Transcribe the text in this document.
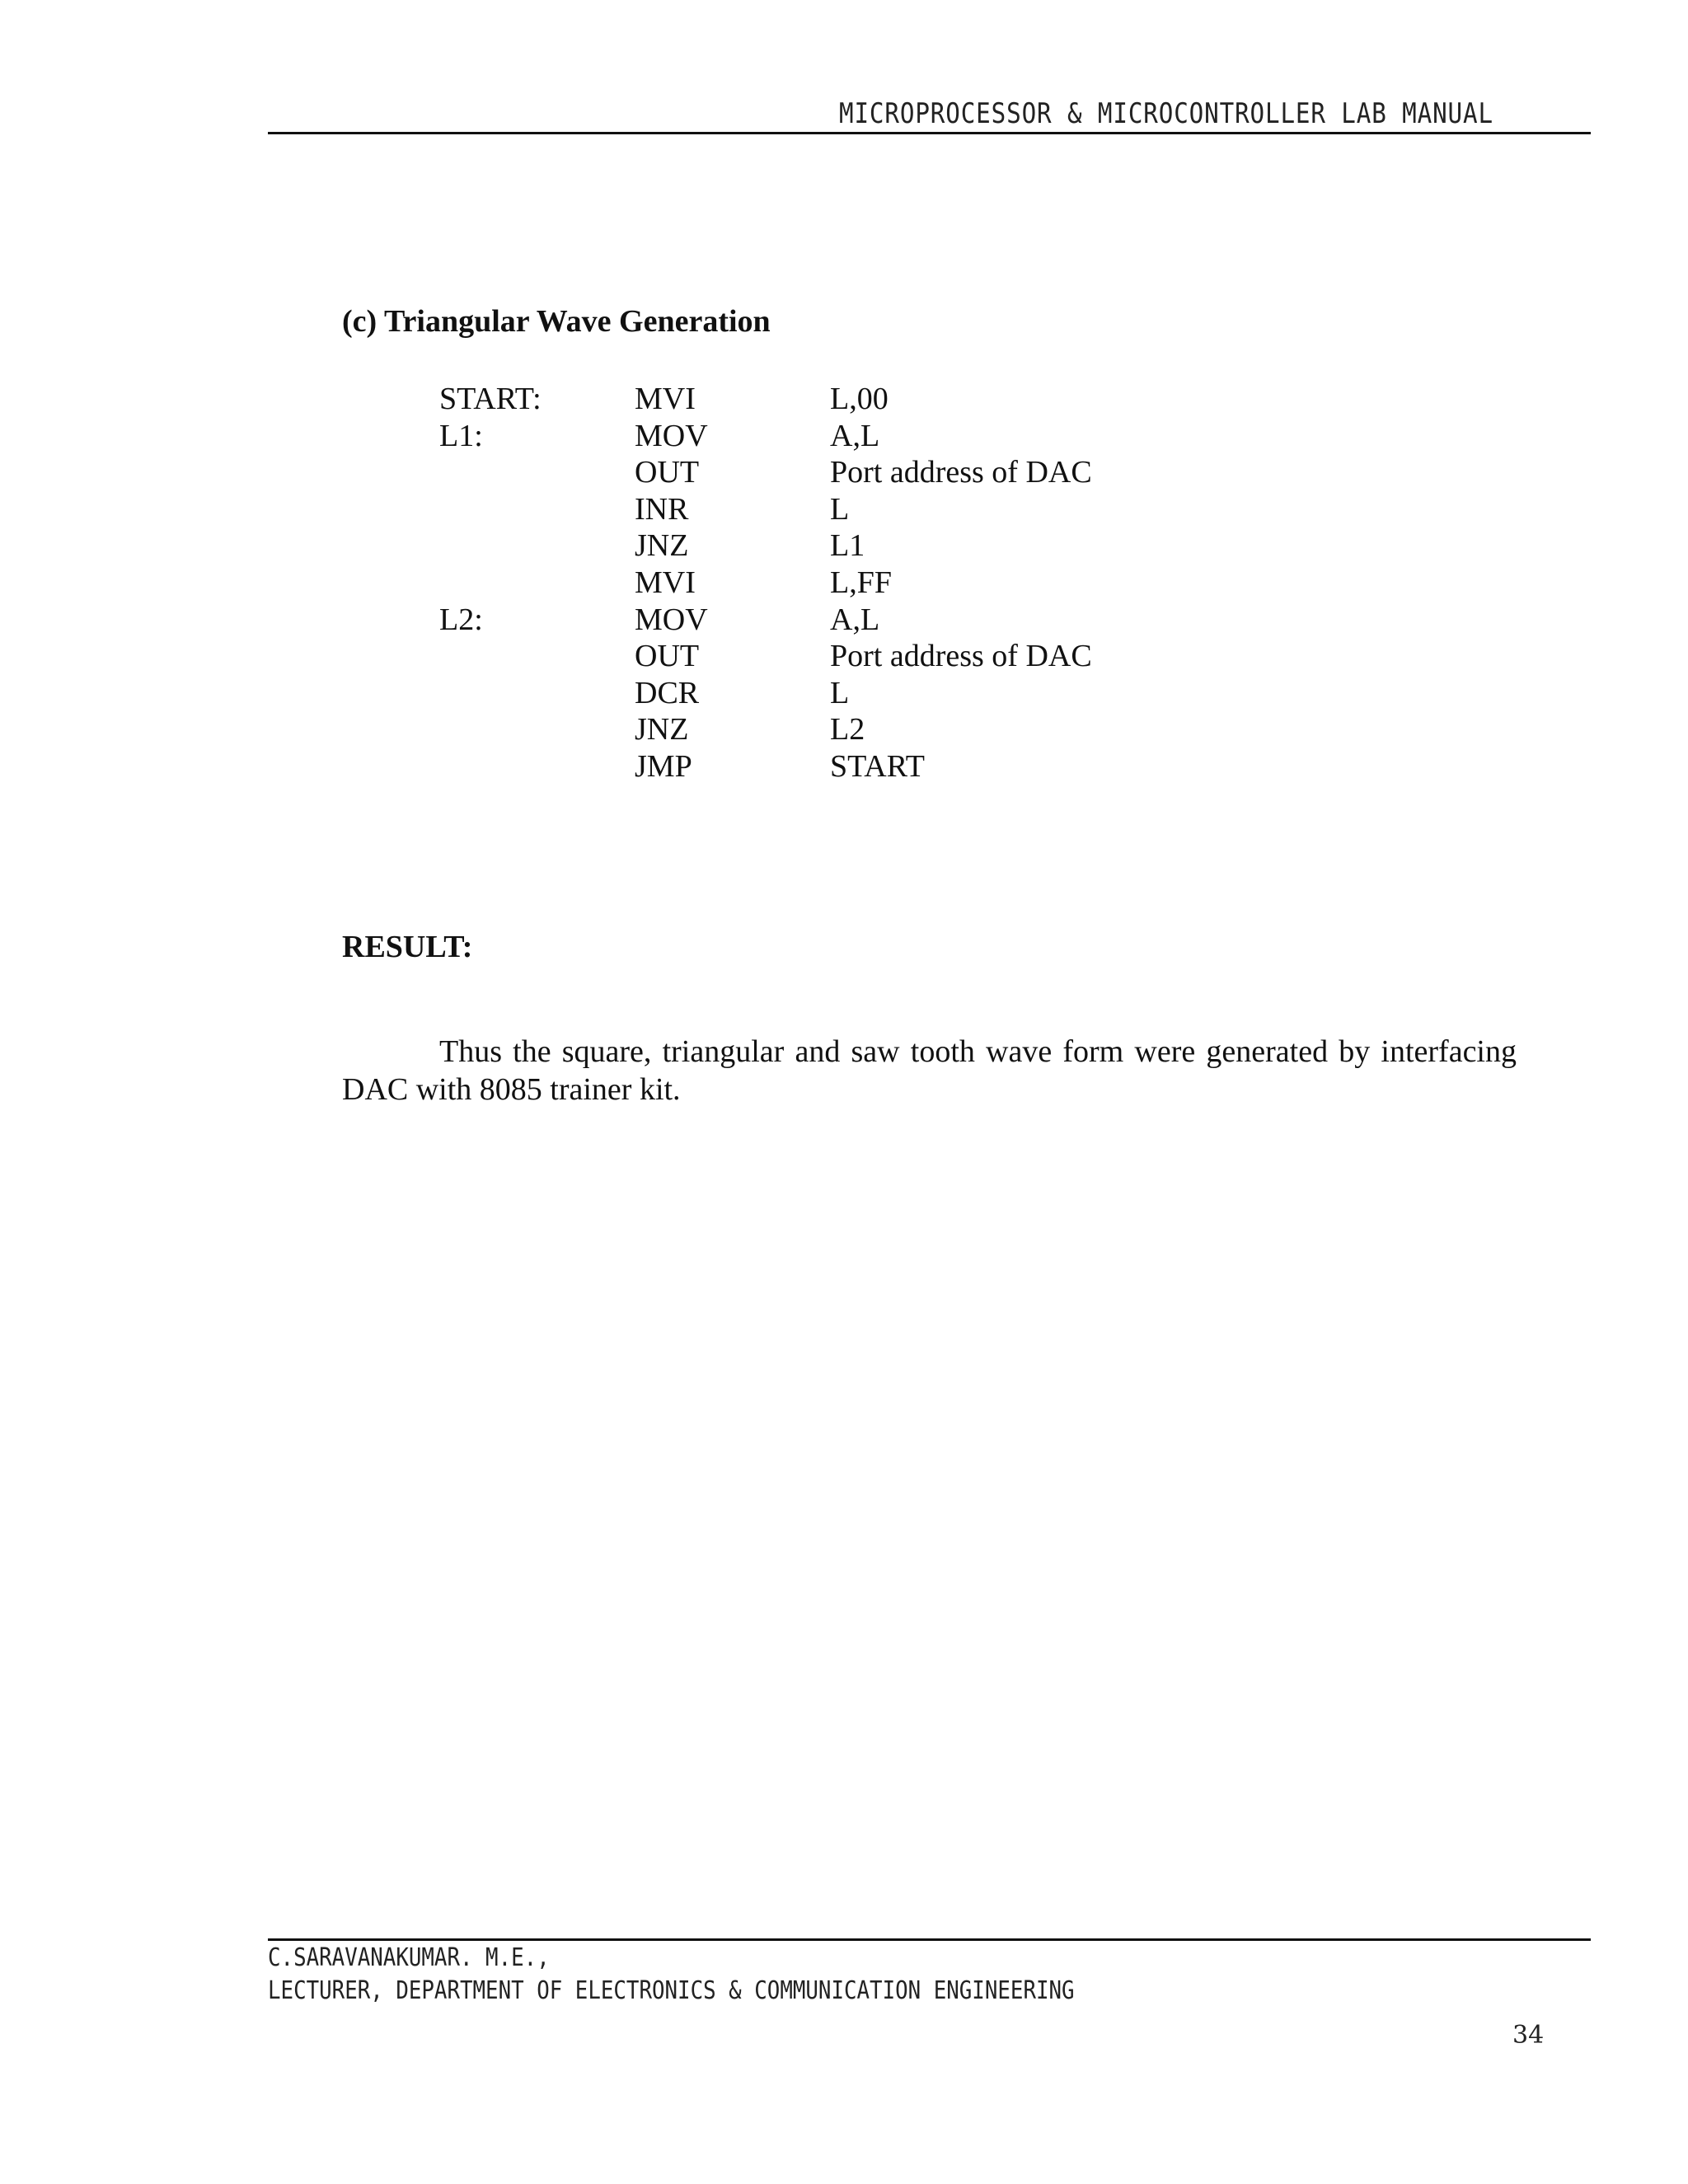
MICROPROCESSOR & MICROCONTROLLER LAB MANUAL
(c) Triangular Wave Generation
START:	MVI	L,00
L1:	MOV	A,L
OUT	Port address of DAC
INR	L
JNZ	L1
MVI	L,FF
L2:	MOV	A,L
OUT	Port address of DAC
DCR	L
JNZ	L2
JMP	START
RESULT:

Thus the square, triangular and saw tooth wave form were generated by interfacing DAC with 8085 trainer kit.

C.SARAVANAKUMAR. M.E.,
LECTURER, DEPARTMENT OF ELECTRONICS & COMMUNICATION ENGINEERING
34
